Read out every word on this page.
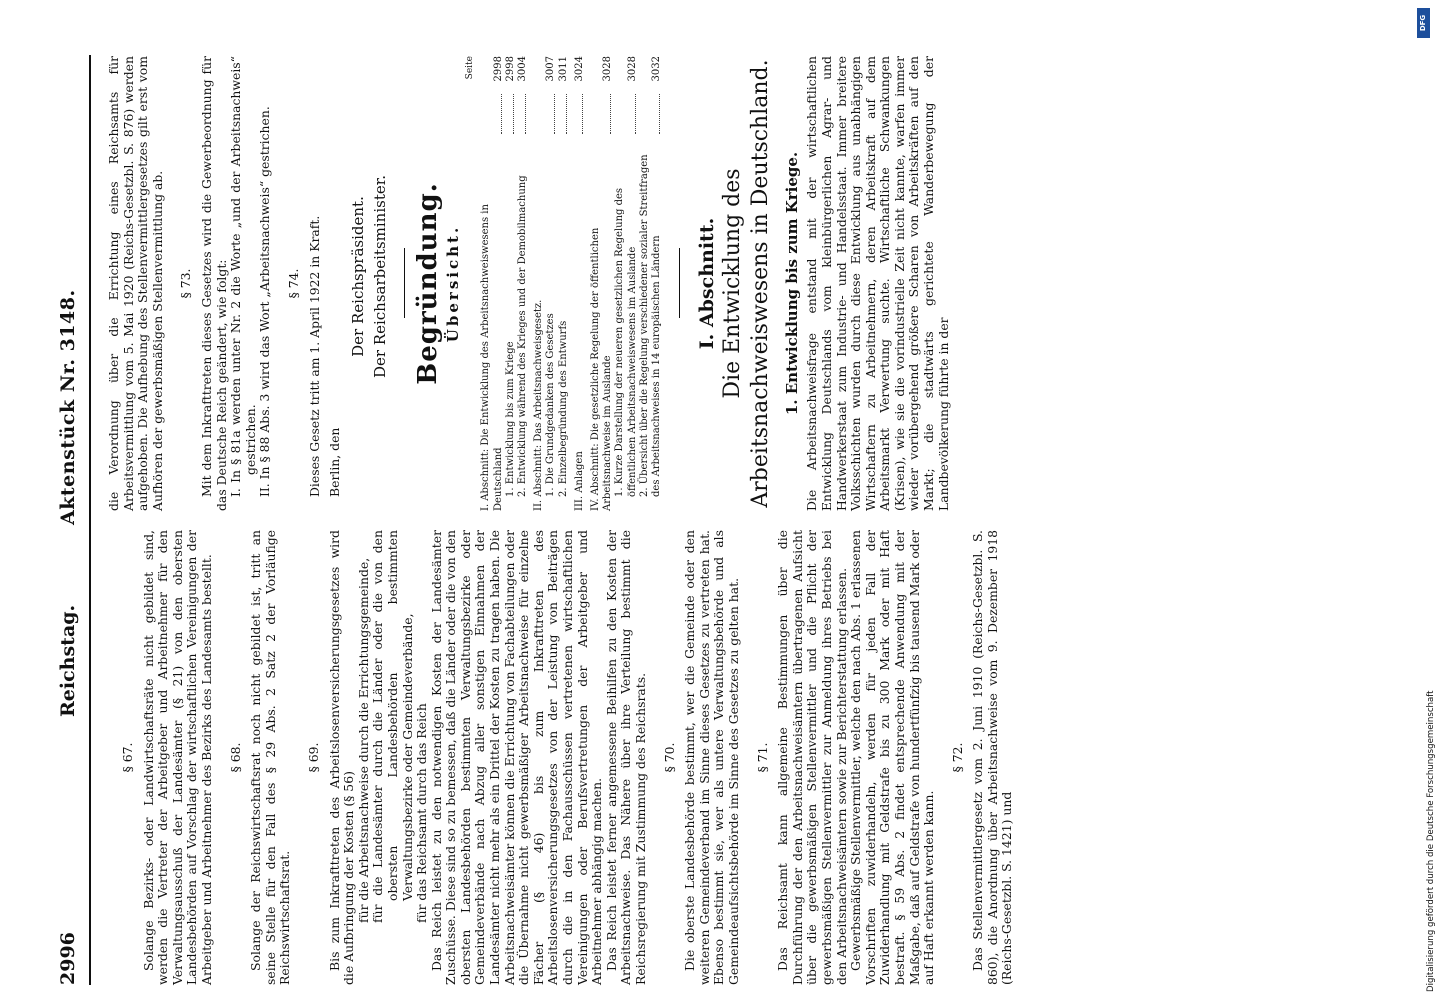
2996
Reichstag.
Aktenstück Nr. 3148.

§ 67. Solange Bezirks- oder Landwirtschaftsräte nicht gebildet sind, werden die Vertreter der Arbeitgeber und Arbeitnehmer für den Verwaltungsausschuß der Landesämter (§ 21) von den obersten Landesbehörden auf Vorschlag der wirtschaftlichen Vereinigungen der Arbeitgeber und Arbeitnehmer des Bezirks des Landesamts bestellt. § 68. Solange der Reichswirtschaftsrat noch nicht gebildet ist, tritt an seine Stelle für den Fall des § 29 Abs. 2 Satz 2 der Vorläufige Reichswirtschaftsrat.

§ 69. Bis zum Inkrafttreten des Arbeitslosenversicherungsgesetzes wird die Aufbringung der Kosten (§ 56) für die Arbeitsnachweise durch die Errichtungsgemeinde, für die Landesämter durch die Länder oder die von den obersten Landesbehörden bestimmten Verwaltungsbezirke oder Gemeindeverbände, für das Reichsamt durch das Reich Das Reich leistet zu den notwendigen Kosten der Landesämter Zuschüsse. Diese sind so zu bemessen, daß die Länder oder die von den obersten Landesbehörden bestimmten Verwaltungsbezirke oder Gemeindeverbände nach Abzug aller sonstigen Einnahmen der Landesämter nicht mehr als ein Drittel der Kosten zu tragen haben. Die Arbeitsnachweisämter können die Errichtung von Fachabteilungen oder die Übernahme nicht gewerbsmäßiger Arbeitsnachweise für einzelne Fächer (§ 46) bis zum Inkrafttreten des Arbeitslosenversicherungsgesetzes von der Leistung von Beiträgen durch die in den Fachausschüssen vertretenen wirtschaftlichen Vereinigungen oder Berufsvertretungen der Arbeitgeber und Arbeitnehmer abhängig machen. Das Reich leistet ferner angemessene Beihilfen zu den Kosten der Arbeitsnachweise. Das Nähere über ihre Verteilung bestimmt die Reichsregierung mit Zustimmung des Reichsrats. § 70. Die oberste Landesbehörde bestimmt, wer die Gemeinde oder den weiteren Gemeindeverband im Sinne dieses Gesetzes zu vertreten hat. Ebenso bestimmt sie, wer als untere Verwaltungsbehörde und als Gemeindeaufsichtsbehörde im Sinne des Gesetzes zu gelten hat. § 71. Das Reichsamt kann allgemeine Bestimmungen über die Durchführung der den Arbeitsnachweisämtern übertragenen Aufsicht über die gewerbsmäßigen Stellenvermittler und die Pflicht der gewerbsmäßigen Stellenvermittler zur Anmeldung ihres Betriebs bei den Arbeitsnachweisämtern sowie zur Berichterstattung erlassen. Gewerbsmäßige Stellenvermittler, welche den nach Abs. 1 erlassenen Vorschriften zuwiderhandeln, werden für jeden Fall der Zuwiderhandlung mit Geldstrafe bis zu 300 Mark oder mit Haft bestraft. § 59 Abs. 2 findet entsprechende Anwendung mit der Maßgabe, daß auf Geldstrafe von hundertfünfzig bis tausend Mark oder auf Haft erkannt werden kann.

§ 72. Das Stellenvermittlergesetz vom 2. Juni 1910 (Reichs-Gesetzbl. S. 860), die Anordnung über Arbeitsnachweise vom 9. Dezember 1918 (Reichs-Gesetzbl. S. 1421) und

die Verordnung über die Errichtung eines Reichsamts für Arbeitsvermittlung vom 5. Mai 1920 (Reichs-Gesetzbl. S. 876) werden aufgehoben. Die Aufhebung des Stellenvermittlergesetzes gilt erst vom Aufhören der gewerbsmäßigen Stellenvermittlung ab. § 73. Mit dem Inkrafttreten dieses Gesetzes wird die Gewerbeordnung für das Deutsche Reich geändert, wie folgt: I. In § 81a werden unter Nr. 2 die Worte „und der Arbeitsnachweis“ gestrichen. II. In § 88 Abs. 3 wird das Wort „Arbeitsnachweis“ gestrichen. § 74. Dieses Gesetz tritt am 1. April 1922 in Kraft. Berlin, den

Der Reichspräsident. Der Reichsarbeitsminister. Begründung. Übersicht.
Seite
I. Abschnitt: Die Entwicklung des Arbeitsnachweiswesens in Deutschland
2998
1. Entwicklung bis zum Kriege
2998
2. Entwicklung während des Krieges und der Demobilmachung
3004
II. Abschnitt: Das Arbeitsnachweisgesetz. 1. Die Grundgedanken des Gesetzes
3007
2. Einzelbegründung des Entwurfs
3011
III. Anlagen
3024
IV. Abschnitt: Die gesetzliche Regelung der öffentlichen Arbeitsnachweise im Auslande
3028
1. Kurze Darstellung der neueren gesetzlichen Regelung des öffentlichen Arbeitsnachweiswesens im Auslande
3028
2. Übersicht über die Regelung verschiedener sozialer Streitfragen des Arbeitsnachweises in 14 europäischen Ländern
3032
I. Abschnitt. Die Entwicklung des Arbeitsnachweiswesens in Deutschland. 1. Entwicklung bis zum Kriege. Die Arbeitsnachweisfrage entstand mit der wirtschaftlichen Entwicklung Deutschlands vom kleinbürgerlichen Agrar- und Handwerkerstaat zum Industrie- und Handelsstaat. Immer breitere Volksschichten wurden durch diese Entwicklung aus unabhängigen Wirtschaftern zu Arbeitnehmern, deren Arbeitskraft auf dem Arbeitsmarkt Verwertung suchte. Wirtschaftliche Schwankungen (Krisen), wie sie die vorindustrielle Zeit nicht kannte, warfen immer wieder vorübergehend größere Scharen von Arbeitskräften auf den Markt; die stadtwärts gerichtete Wanderbewegung der Landbevölkerung führte in der

DFG
Digitalisierung gefördert durch die Deutsche Forschungsgemeinschaft
